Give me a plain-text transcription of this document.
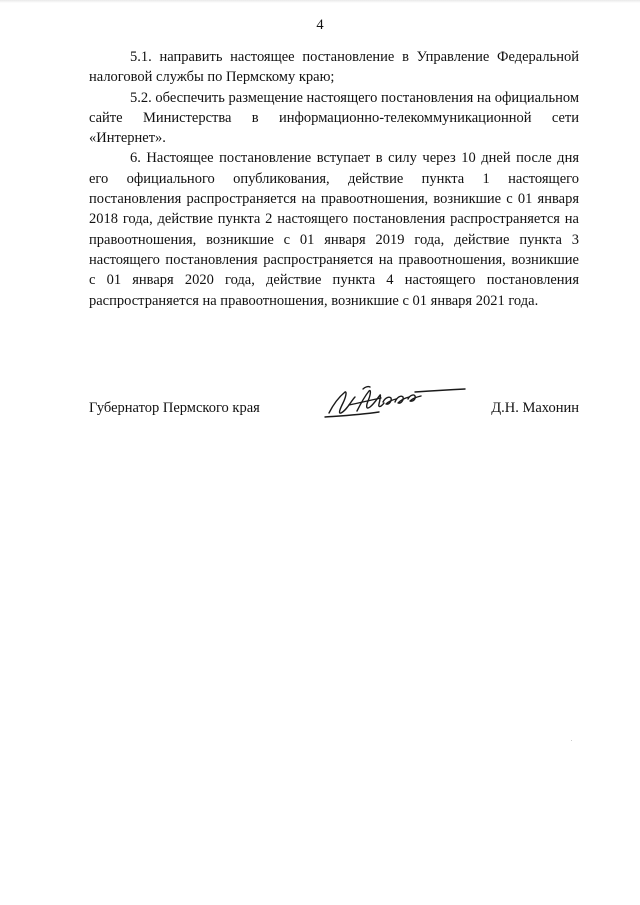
4

5.1. направить настоящее постановление в Управление Федеральной налоговой службы по Пермскому краю;

5.2. обеспечить размещение настоящего постановления на официальном сайте Министерства в информационно-телекоммуникационной сети «Интернет».

6. Настоящее постановление вступает в силу через 10 дней после дня его официального опубликования, действие пункта 1 настоящего постановления распространяется на правоотношения, возникшие с 01 января 2018 года, действие пункта 2 настоящего постановления распространяется на правоотношения, возникшие с 01 января 2019 года, действие пункта 3 настоящего постановления распространяется на правоотношения, возникшие с 01 января 2020 года, действие пункта 4 настоящего постановления распространяется на правоотношения, возникшие с 01 января 2021 года.

Губернатор Пермского края	Д.Н. Махонин
